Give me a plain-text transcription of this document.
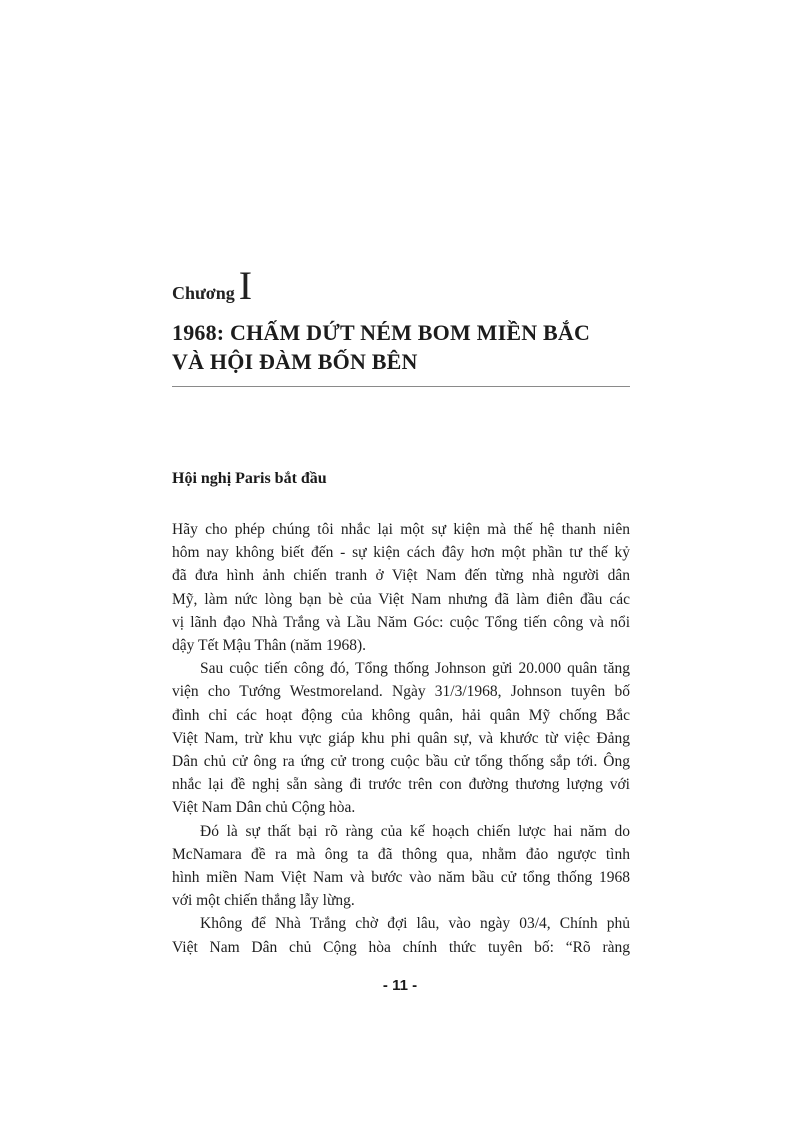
Chương I
1968: CHẤM DỨT NÉM BOM MIỀN BẮC
VÀ HỘI ĐÀM BỐN BÊN
Hội nghị Paris bắt đầu
Hãy cho phép chúng tôi nhắc lại một sự kiện mà thế hệ thanh niên
hôm nay không biết đến - sự kiện cách đây hơn một phần tư thế kỷ
đã đưa hình ảnh chiến tranh ở Việt Nam đến từng nhà người dân
Mỹ, làm nức lòng bạn bè của Việt Nam nhưng đã làm điên đầu các
vị lãnh đạo Nhà Trắng và Lầu Năm Góc: cuộc Tổng tiến công và nổi
dậy Tết Mậu Thân (năm 1968).
Sau cuộc tiến công đó, Tổng thống Johnson gửi 20.000 quân tăng
viện cho Tướng Westmoreland. Ngày 31/3/1968, Johnson tuyên bố
đình chỉ các hoạt động của không quân, hải quân Mỹ chống Bắc
Việt Nam, trừ khu vực giáp khu phi quân sự, và khước từ việc Đảng
Dân chủ cử ông ra ứng cử trong cuộc bầu cử tổng thống sắp tới. Ông
nhắc lại đề nghị sẵn sàng đi trước trên con đường thương lượng với
Việt Nam Dân chủ Cộng hòa.
Đó là sự thất bại rõ ràng của kế hoạch chiến lược hai năm do
McNamara đề ra mà ông ta đã thông qua, nhằm đảo ngược tình
hình miền Nam Việt Nam và bước vào năm bầu cử tổng thống 1968
với một chiến thắng lẫy lừng.
Không để Nhà Trắng chờ đợi lâu, vào ngày 03/4, Chính phủ
Việt Nam Dân chủ Cộng hòa chính thức tuyên bố: “Rõ ràng
- 11 -
